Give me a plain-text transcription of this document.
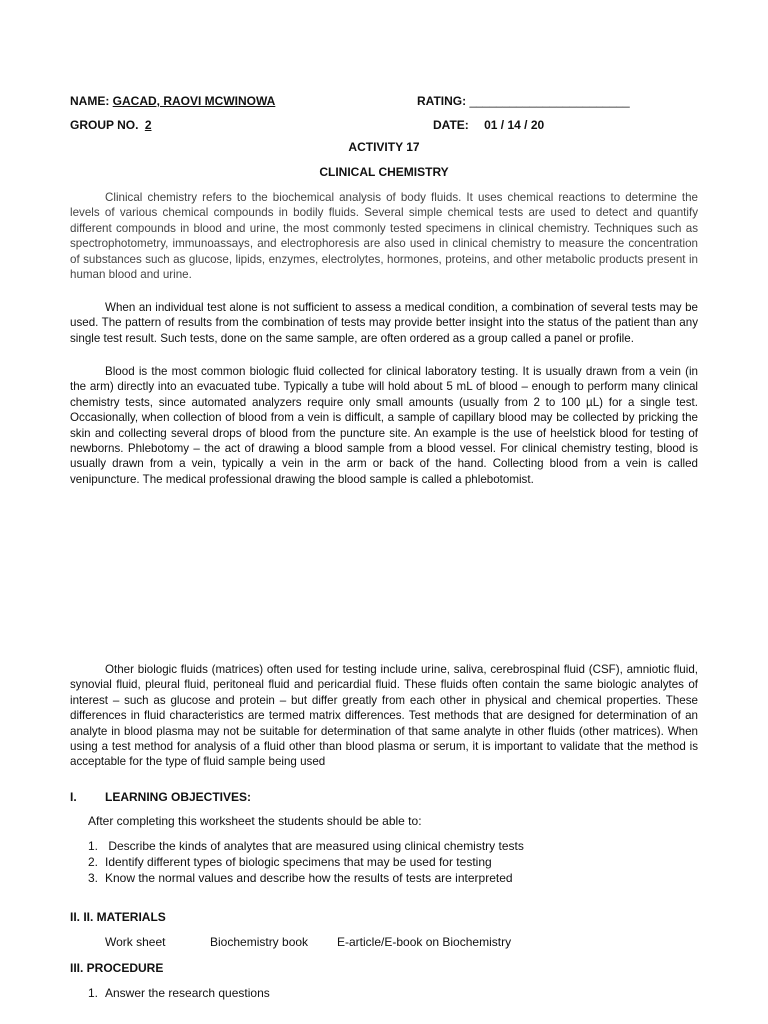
NAME: GACAD, RAOVI MCWINOWA	RATING: ________________________
GROUP NO. 2	DATE: 01 / 14 / 20
ACTIVITY 17
CLINICAL CHEMISTRY

Clinical chemistry refers to the biochemical analysis of body fluids. It uses chemical reactions to determine the levels of various chemical compounds in bodily fluids. Several simple chemical tests are used to detect and quantify different compounds in blood and urine, the most commonly tested specimens in clinical chemistry. Techniques such as spectrophotometry, immunoassays, and electrophoresis are also used in clinical chemistry to measure the concentration of substances such as glucose, lipids, enzymes, electrolytes, hormones, proteins, and other metabolic products present in human blood and urine.

When an individual test alone is not sufficient to assess a medical condition, a combination of several tests may be used. The pattern of results from the combination of tests may provide better insight into the status of the patient than any single test result. Such tests, done on the same sample, are often ordered as a group called a panel or profile.

Blood is the most common biologic fluid collected for clinical laboratory testing. It is usually drawn from a vein (in the arm) directly into an evacuated tube. Typically a tube will hold about 5 mL of blood – enough to perform many clinical chemistry tests, since automated analyzers require only small amounts (usually from 2 to 100 µL) for a single test. Occasionally, when collection of blood from a vein is difficult, a sample of capillary blood may be collected by pricking the skin and collecting several drops of blood from the puncture site. An example is the use of heelstick blood for testing of newborns. Phlebotomy – the act of drawing a blood sample from a blood vessel. For clinical chemistry testing, blood is usually drawn from a vein, typically a vein in the arm or back of the hand. Collecting blood from a vein is called venipuncture. The medical professional drawing the blood sample is called a phlebotomist.

Other biologic fluids (matrices) often used for testing include urine, saliva, cerebrospinal fluid (CSF), amniotic fluid, synovial fluid, pleural fluid, peritoneal fluid and pericardial fluid. These fluids often contain the same biologic analytes of interest – such as glucose and protein – but differ greatly from each other in physical and chemical properties. These differences in fluid characteristics are termed matrix differences. Test methods that are designed for determination of an analyte in blood plasma may not be suitable for determination of that same analyte in other fluids (other matrices). When using a test method for analysis of a fluid other than blood plasma or serum, it is important to validate that the method is acceptable for the type of fluid sample being used

I. LEARNING OBJECTIVES:
After completing this worksheet the students should be able to:
1. Describe the kinds of analytes that are measured using clinical chemistry tests
2. Identify different types of biologic specimens that may be used for testing
3. Know the normal values and describe how the results of tests are interpreted
II. II. MATERIALS
Work sheet	Biochemistry book E-article/E-book on Biochemistry
III. PROCEDURE
1. Answer the research questions
